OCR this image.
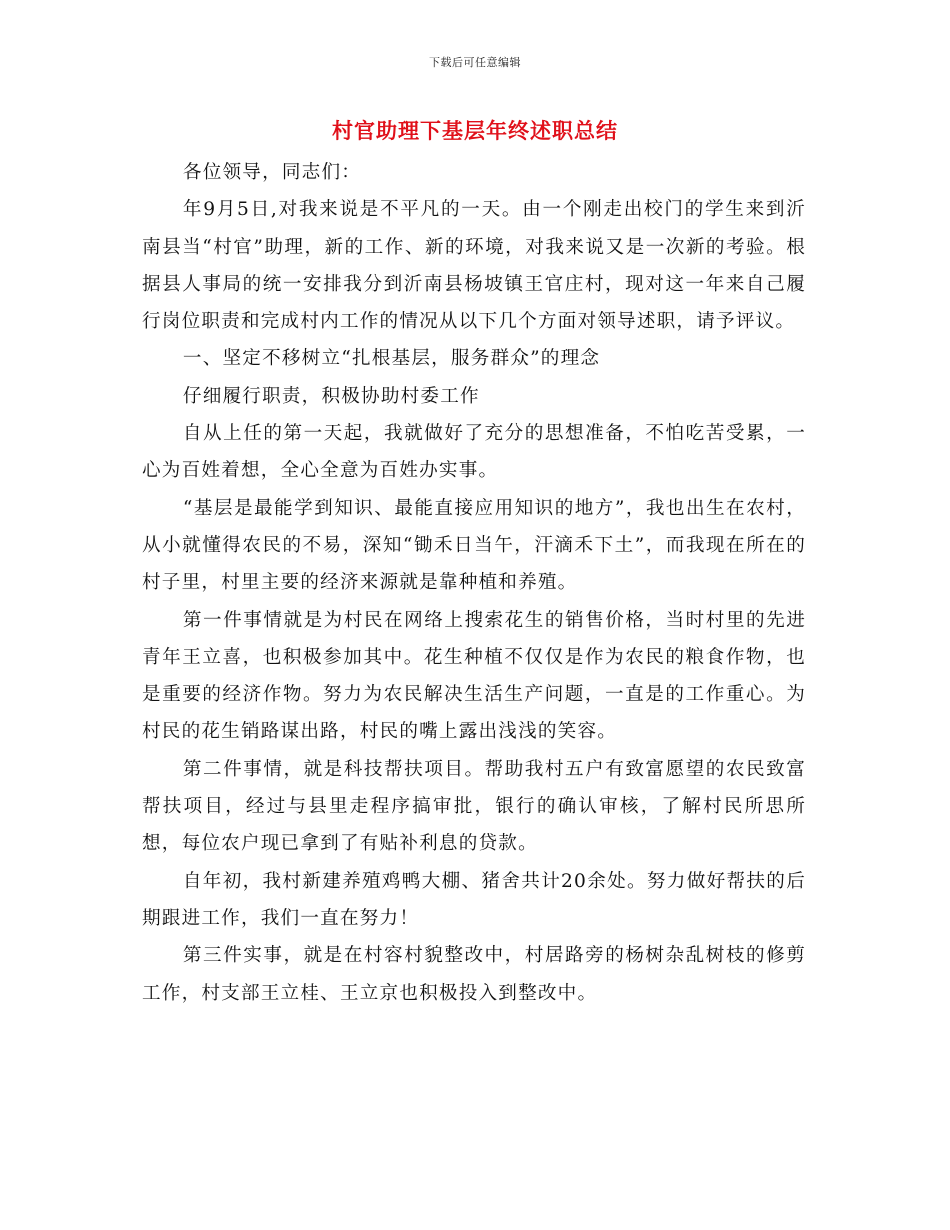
下载后可任意编辑
村官助理下基层年终述职总结

各位领导，同志们：

年9月5日,对我来说是不平凡的一天。由一个刚走出校门的学生来到沂南县当“村官”助理，新的工作、新的环境，对我来说又是一次新的考验。根据县人事局的统一安排我分到沂南县杨坡镇王官庄村，现对这一年来自己履行岗位职责和完成村内工作的情况从以下几个方面对领导述职，请予评议。

一、坚定不移树立“扎根基层，服务群众”的理念

仔细履行职责，积极协助村委工作

自从上任的第一天起，我就做好了充分的思想准备，不怕吃苦受累，一心为百姓着想，全心全意为百姓办实事。

“基层是最能学到知识、最能直接应用知识的地方”，我也出生在农村，从小就懂得农民的不易，深知“锄禾日当午，汗滴禾下土”，而我现在所在的村子里，村里主要的经济来源就是靠种植和养殖。

第一件事情就是为村民在网络上搜索花生的销售价格，当时村里的先进青年王立喜，也积极参加其中。花生种植不仅仅是作为农民的粮食作物，也是重要的经济作物。努力为农民解决生活生产问题，一直是的工作重心。为村民的花生销路谋出路，村民的嘴上露出浅浅的笑容。

第二件事情，就是科技帮扶项目。帮助我村五户有致富愿望的农民致富帮扶项目，经过与县里走程序搞审批，银行的确认审核，了解村民所思所想，每位农户现已拿到了有贴补利息的贷款。

自年初，我村新建养殖鸡鸭大棚、猪舍共计20余处。努力做好帮扶的后期跟进工作，我们一直在努力！

第三件实事，就是在村容村貌整改中，村居路旁的杨树杂乱树枝的修剪工作，村支部王立桂、王立京也积极投入到整改中。
